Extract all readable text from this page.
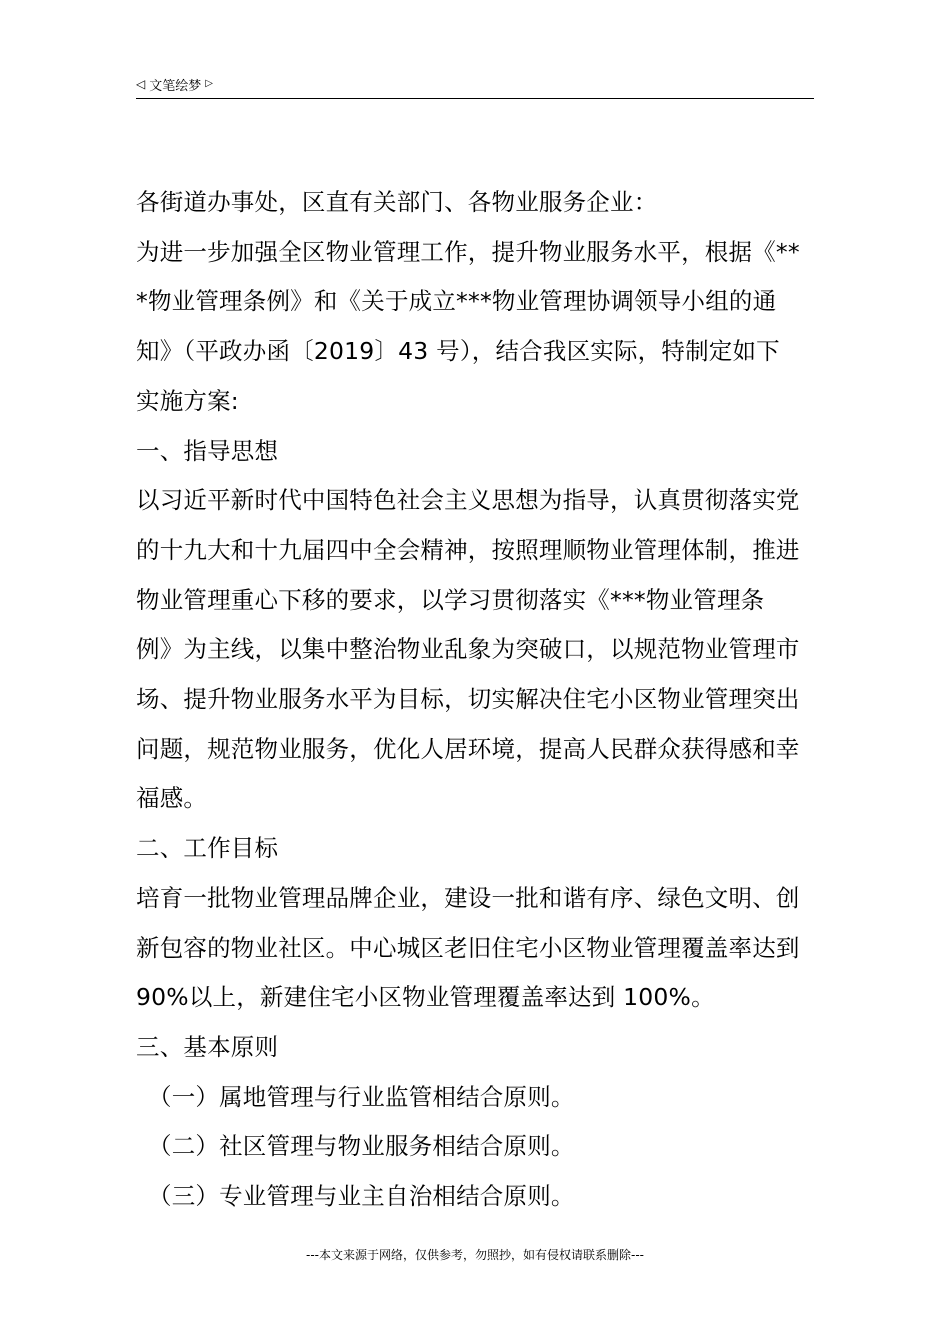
◁ 文笔绘梦 ▷

各街道办事处，区直有关部门、各物业服务企业：

为进一步加强全区物业管理工作，提升物业服务水平，根据《**

*物业管理条例》和《关于成立***物业管理协调领导小组的通

知》（平政办函〔2019〕43 号），结合我区实际，特制定如下

实施方案:

一、指导思想

以习近平新时代中国特色社会主义思想为指导，认真贯彻落实党

的十九大和十九届四中全会精神，按照理顺物业管理体制，推进

物业管理重心下移的要求，以学习贯彻落实《***物业管理条

例》为主线，以集中整治物业乱象为突破口，以规范物业管理市

场、提升物业服务水平为目标，切实解决住宅小区物业管理突出

问题，规范物业服务，优化人居环境，提高人民群众获得感和幸

福感。

二、工作目标

培育一批物业管理品牌企业，建设一批和谐有序、绿色文明、创

新包容的物业社区。中心城区老旧住宅小区物业管理覆盖率达到

90%以上，新建住宅小区物业管理覆盖率达到 100%。

三、基本原则

（一）属地管理与行业监管相结合原则。

（二）社区管理与物业服务相结合原则。

（三）专业管理与业主自治相结合原则。

---本文来源于网络，仅供参考，勿照抄，如有侵权请联系删除---
